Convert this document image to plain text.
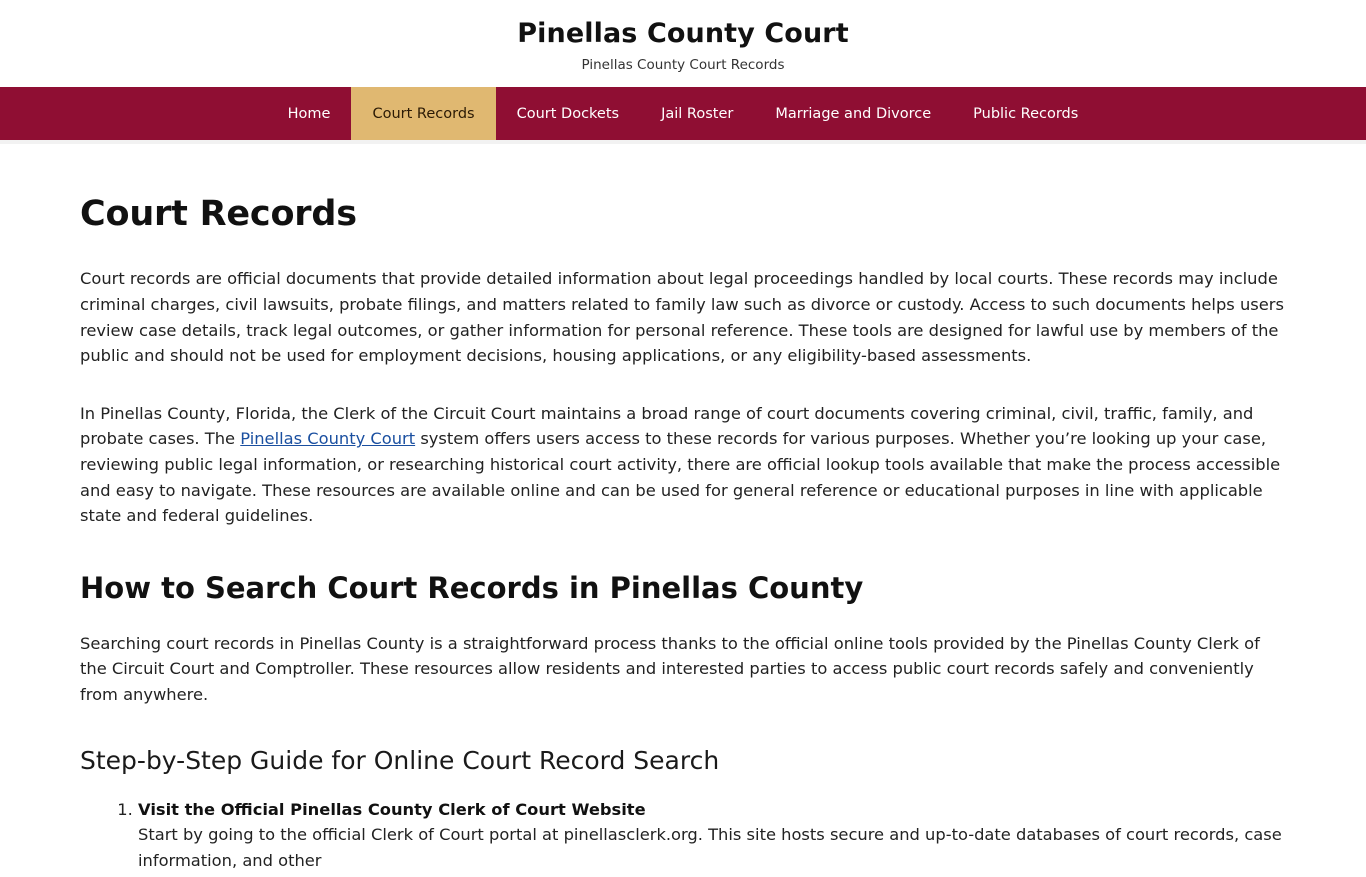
Pinellas County Court
Pinellas County Court Records
Home	Court Records	Court Dockets	Jail Roster	Marriage and Divorce	Public Records
Court Records

Court records are official documents that provide detailed information about legal proceedings handled by local courts. These records may include criminal charges, civil lawsuits, probate filings, and matters related to family law such as divorce or custody. Access to such documents helps users review case details, track legal outcomes, or gather information for personal reference. These tools are designed for lawful use by members of the public and should not be used for employment decisions, housing applications, or any eligibility-based assessments.

In Pinellas County, Florida, the Clerk of the Circuit Court maintains a broad range of court documents covering criminal, civil, traffic, family, and probate cases. The Pinellas County Court system offers users access to these records for various purposes. Whether you’re looking up your case, reviewing public legal information, or researching historical court activity, there are official lookup tools available that make the process accessible and easy to navigate. These resources are available online and can be used for general reference or educational purposes in line with applicable state and federal guidelines.

How to Search Court Records in Pinellas County

Searching court records in Pinellas County is a straightforward process thanks to the official online tools provided by the Pinellas County Clerk of the Circuit Court and Comptroller. These resources allow residents and interested parties to access public court records safely and conveniently from anywhere.

Step-by-Step Guide for Online Court Record Search
1. Visit the Official Pinellas County Clerk of Court Website
Start by going to the official Clerk of Court portal at pinellasclerk.org. This site hosts secure and up-to-date databases of court records, case information, and other
